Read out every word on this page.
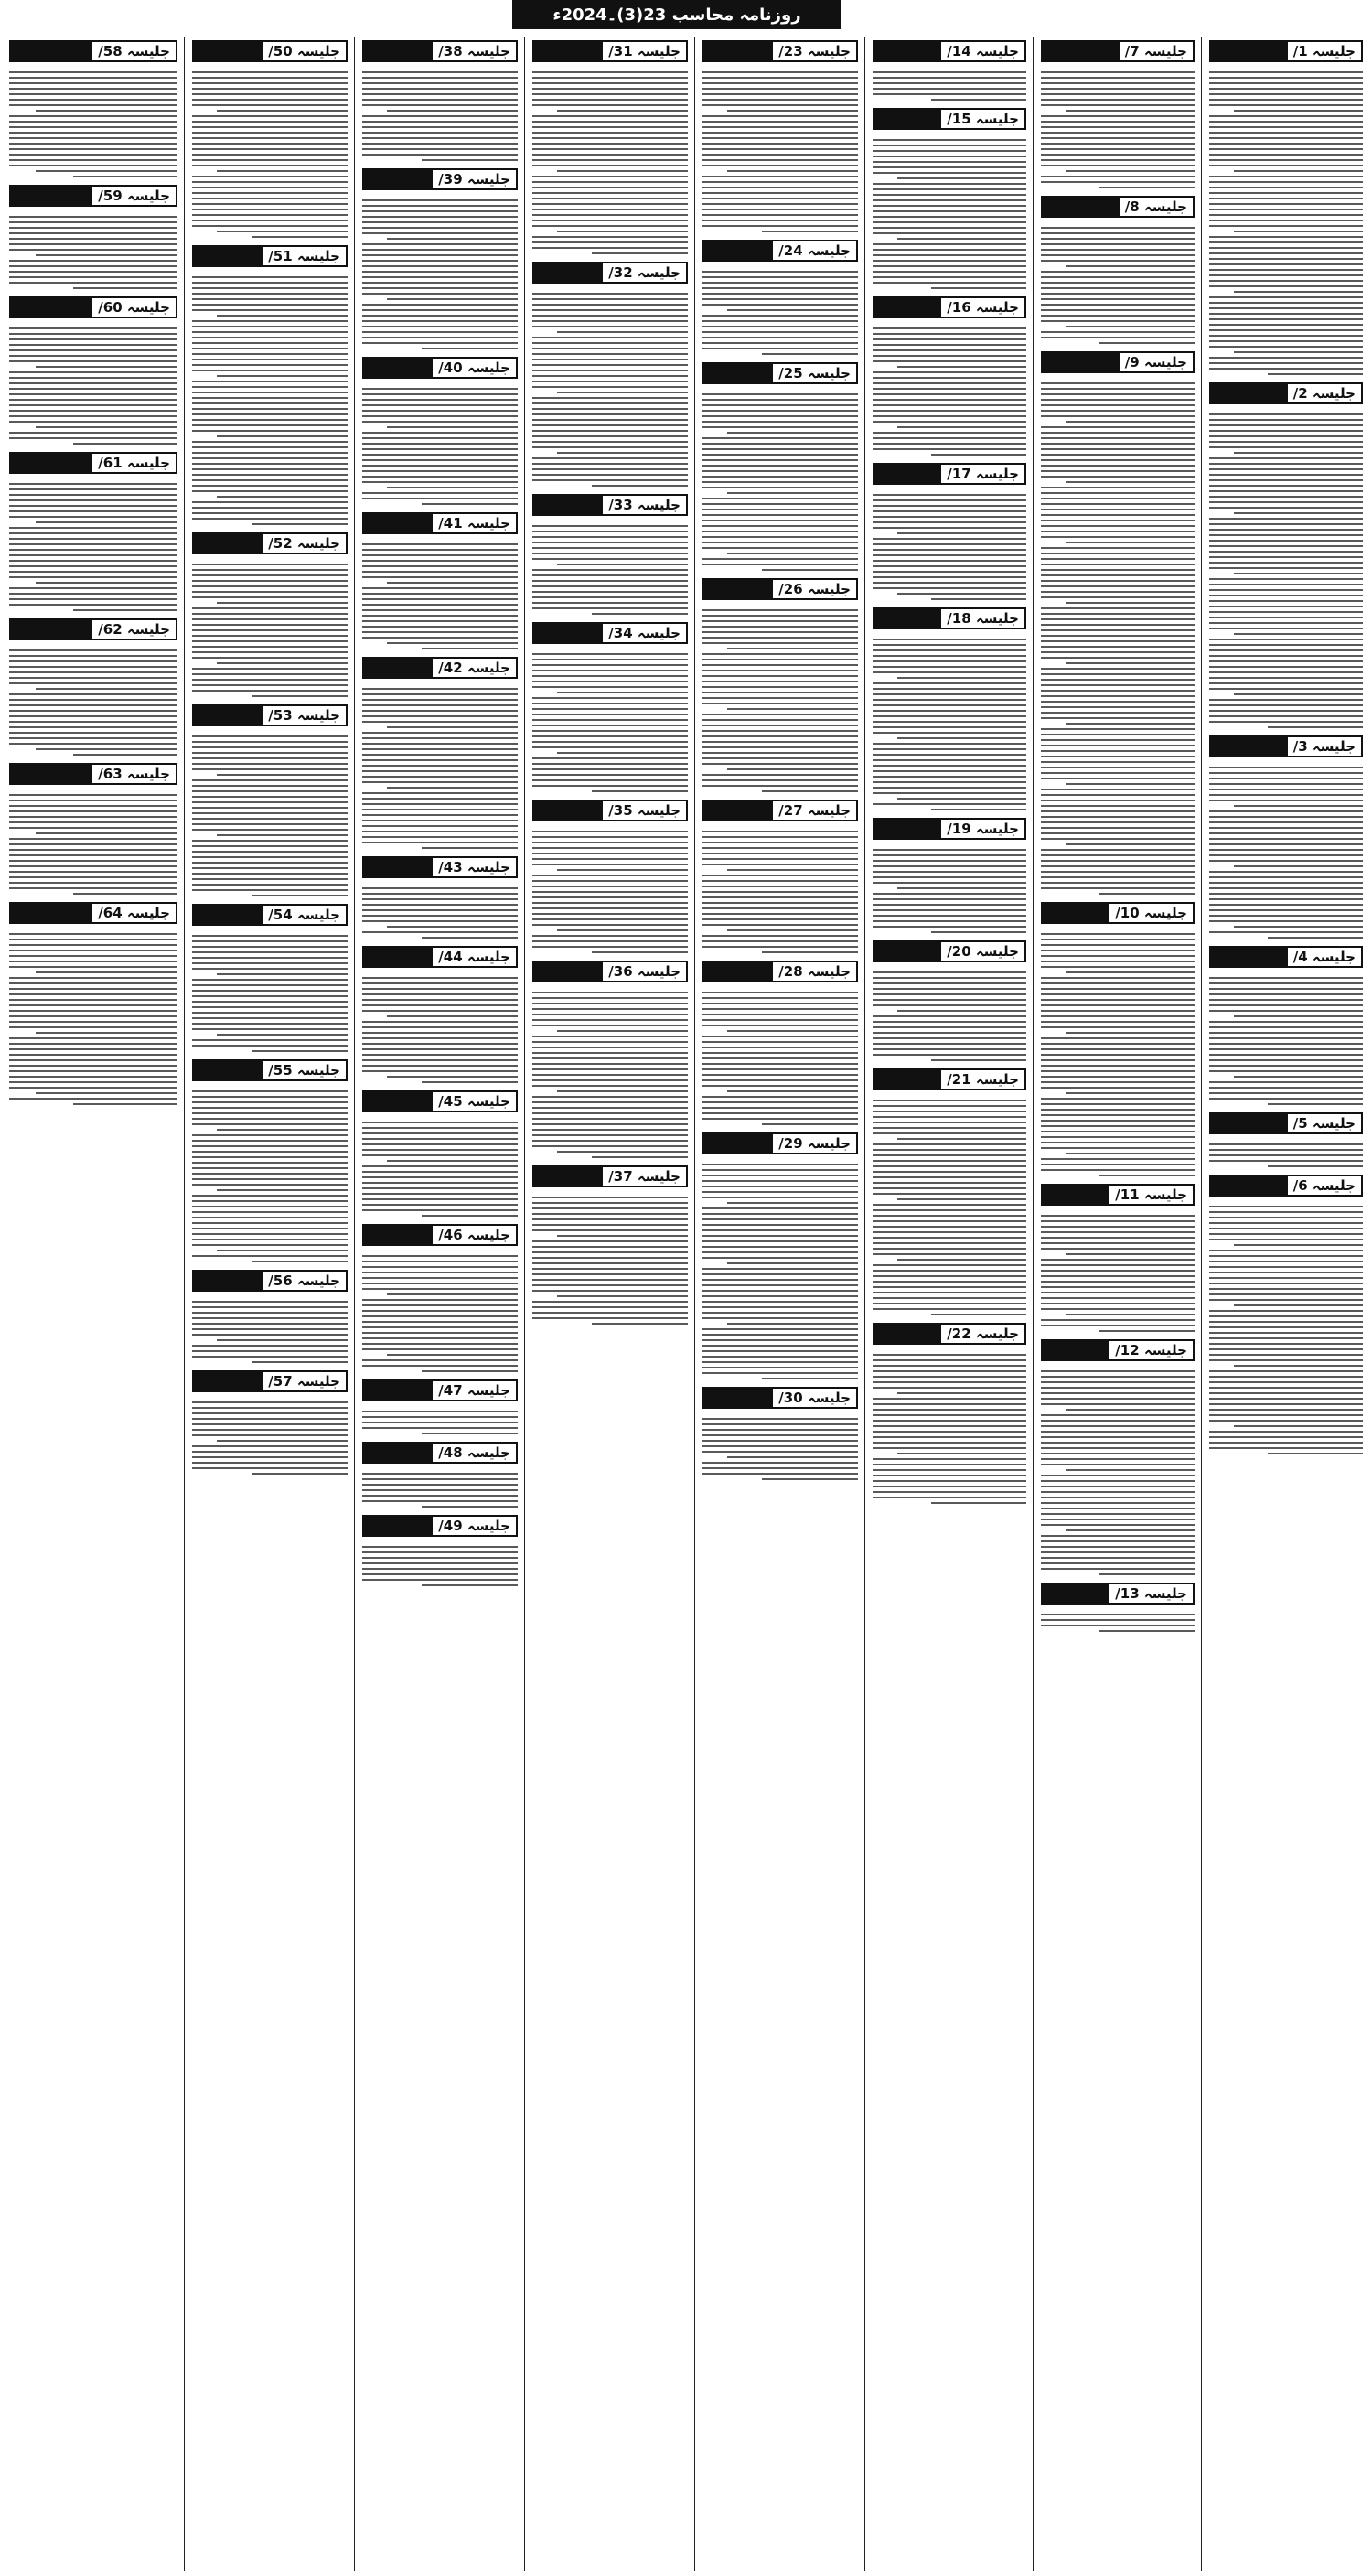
روزنامہ محاسب 23(3)۔2024ء
جلیسہ 1/
جلیسہ 2/
جلیسہ 3/
جلیسہ 4/
جلیسہ 5/
جلیسہ 6/
جلیسہ 7/
جلیسہ 8/
جلیسہ 9/
جلیسہ 10/
جلیسہ 11/
جلیسہ 12/
جلیسہ 13/
جلیسہ 14/
جلیسہ 15/
جلیسہ 16/
جلیسہ 17/
جلیسہ 18/
جلیسہ 19/
جلیسہ 20/
جلیسہ 21/
جلیسہ 22/
جلیسہ 23/
جلیسہ 24/
جلیسہ 25/
جلیسہ 26/
جلیسہ 27/
جلیسہ 28/
جلیسہ 29/
جلیسہ 30/
جلیسہ 31/
جلیسہ 32/
جلیسہ 33/
جلیسہ 34/
جلیسہ 35/
جلیسہ 36/
جلیسہ 37/
جلیسہ 38/
جلیسہ 39/
جلیسہ 40/
جلیسہ 41/
جلیسہ 42/
جلیسہ 43/
جلیسہ 44/
جلیسہ 45/
جلیسہ 46/
جلیسہ 47/
جلیسہ 48/
جلیسہ 49/
جلیسہ 50/
جلیسہ 51/
جلیسہ 52/
جلیسہ 53/
جلیسہ 54/
جلیسہ 55/
جلیسہ 56/
جلیسہ 57/
جلیسہ 58/
جلیسہ 59/
جلیسہ 60/
جلیسہ 61/
جلیسہ 62/
جلیسہ 63/
جلیسہ 64/
